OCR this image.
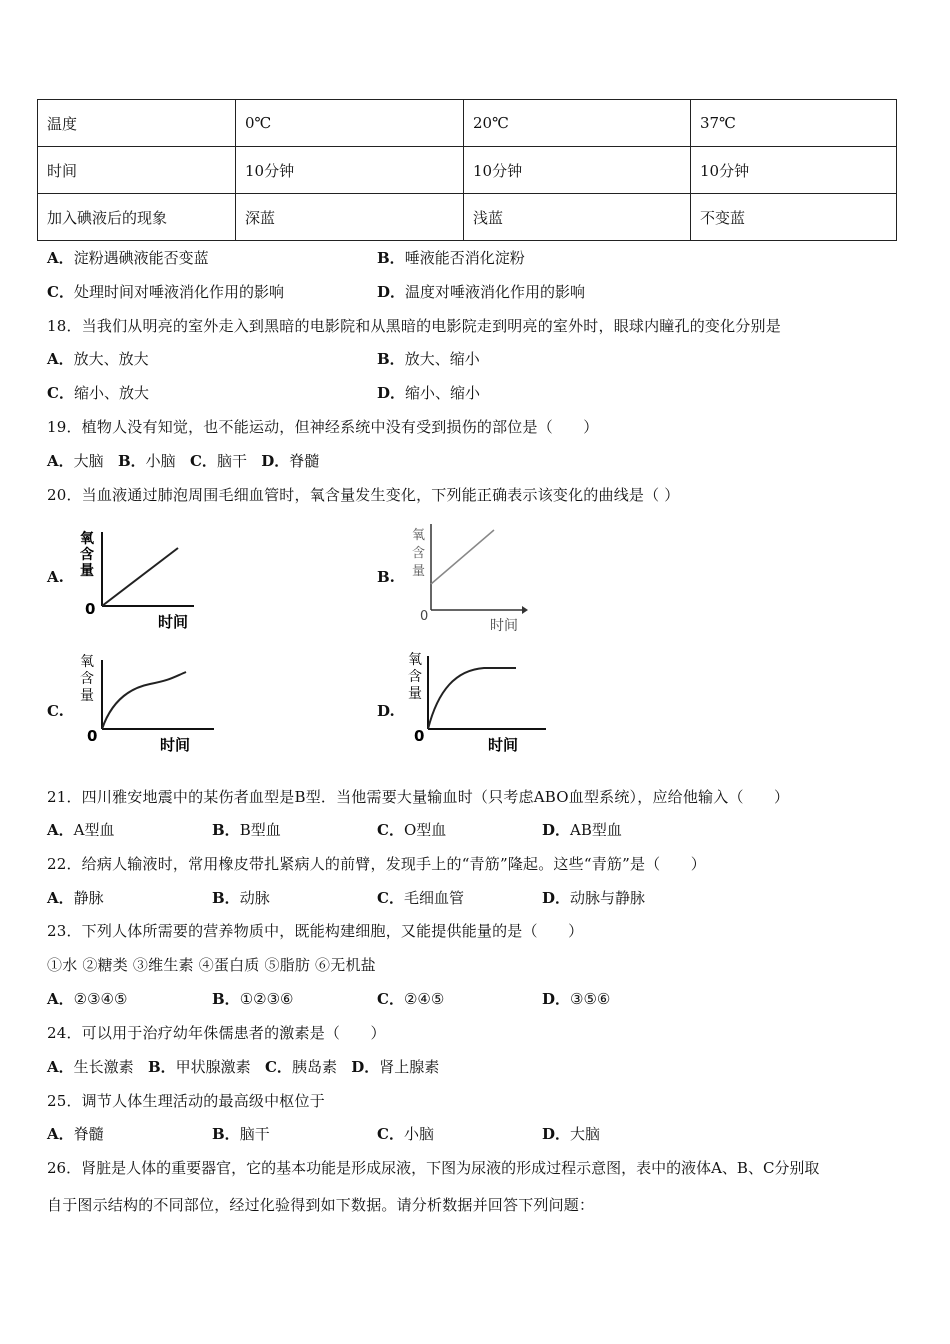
温度	0℃	20℃	37℃
时间	10分钟	10分钟	10分钟
加入碘液后的现象	深蓝	浅蓝	不变蓝
A．淀粉遇碘液能否变蓝	B．唾液能否消化淀粉
C．处理时间对唾液消化作用的影响	D．温度对唾液消化作用的影响
18．当我们从明亮的室外走入到黑暗的电影院和从黑暗的电影院走到明亮的室外时，眼球内瞳孔的变化分别是
A．放大、放大	B．放大、缩小
C．缩小、放大	D．缩小、缩小
19．植物人没有知觉，也不能运动，但神经系统中没有受到损伤的部位是（　　）
A．大脑 B．小脑 C．脑干 D．脊髓
20．当血液通过肺泡周围毛细血管时，氧含量发生变化，下列能正确表示该变化的曲线是（ ）
A.
氧
含
量
0
时间
B.
氧
含
量
0
时间
C.
氧
含
量
0	时间
D.
氧
含
量
0	时间
21．四川雅安地震中的某伤者血型是B型．当他需要大量输血时（只考虑ABO血型系统），应给他输入（　　）
A．A型血	B．B型血	C．O型血	D．AB型血
22．给病人输液时，常用橡皮带扎紧病人的前臂，发现手上的“青筋”隆起。这些“青筋”是（　　）
A．静脉	B．动脉	C．毛细血管	D．动脉与静脉
23．下列人体所需要的营养物质中，既能构建细胞，又能提供能量的是（　　）
①水 ②糖类 ③维生素 ④蛋白质 ⑤脂肪 ⑥无机盐
A．②③④⑤	B．①②③⑥	C．②④⑤	D．③⑤⑥
24．可以用于治疗幼年侏儒患者的激素是（　　）
A．生长激素 B．甲状腺激素 C．胰岛素 D．肾上腺素
25．调节人体生理活动的最高级中枢位于
A．脊髓	B．脑干	C．小脑	D．大脑
26．肾脏是人体的重要器官，它的基本功能是形成尿液，下图为尿液的形成过程示意图，表中的液体A、B、C分别取
自于图示结构的不同部位，经过化验得到如下数据。请分析数据并回答下列问题：
